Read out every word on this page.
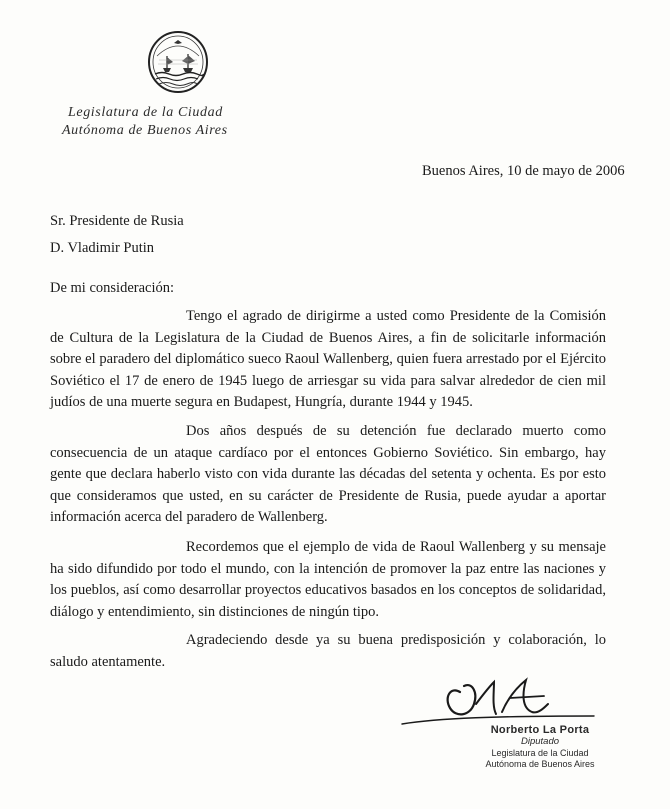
Legislatura de la Ciudad
Autónoma de Buenos Aires
Buenos Aires, 10 de mayo de 2006
Sr. Presidente de Rusia
D. Vladimir Putin
De mi consideración:

Tengo el agrado de dirigirme a usted como Presidente de la Comisión de Cultura de la Legislatura de la Ciudad de Buenos Aires, a fin de solicitarle información sobre el paradero del diplomático sueco Raoul Wallenberg, quien fuera arrestado por el Ejército Soviético el 17 de enero de 1945 luego de arriesgar su vida para salvar alrededor de cien mil judíos de una muerte segura en Budapest, Hungría, durante 1944 y 1945.

Dos años después de su detención fue declarado muerto como consecuencia de un ataque cardíaco por el entonces Gobierno Soviético. Sin embargo, hay gente que declara haberlo visto con vida durante las décadas del setenta y ochenta. Es por esto que consideramos que usted, en su carácter de Presidente de Rusia, puede ayudar a aportar información acerca del paradero de Wallenberg.

Recordemos que el ejemplo de vida de Raoul Wallenberg y su mensaje ha sido difundido por todo el mundo, con la intención de promover la paz entre las naciones y los pueblos, así como desarrollar proyectos educativos basados en los conceptos de solidaridad, diálogo y entendimiento, sin distinciones de ningún tipo.

Agradeciendo desde ya su buena predisposición y colaboración, lo saludo atentamente.

Norberto La Porta
Diputado
Legislatura de la Ciudad
Autónoma de Buenos Aires
